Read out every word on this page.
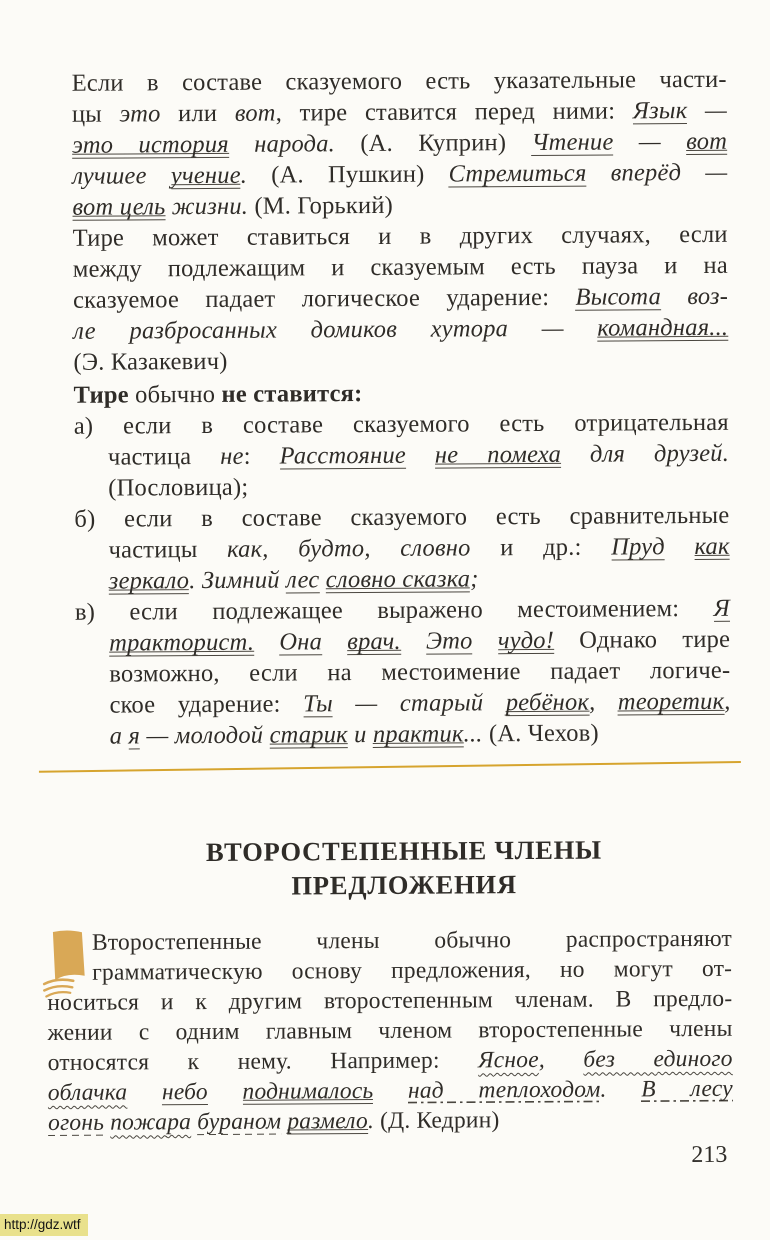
Если в составе сказуемого есть указательные части-
цы это или вот, тире ставится перед ними: Язык —
это история народа. (А. Куприн) Чтение — вот
лучшее учение. (А. Пушкин) Стремиться вперёд —
вот цель жизни. (М. Горький)
Тире может ставиться и в других случаях, если
между подлежащим и сказуемым есть пауза и на
сказуемое падает логическое ударение: Высота воз-
ле разбросанных домиков хутора — командная...
(Э. Казакевич)
Тире обычно не ставится:
а) если в составе сказуемого есть отрицательная
частица не: Расстояние не помеха для друзей.
(Пословица);
б) если в составе сказуемого есть сравнительные
частицы как, будто, словно и др.: Пруд как
зеркало. Зимний лес словно сказка;
в) если подлежащее выражено местоимением: Я
тракторист. Она врач. Это чудо! Однако тире
возможно, если на местоимение падает логиче-
ское ударение: Ты — старый ребёнок, теоретик,
а я — молодой старик и практик... (А. Чехов)
ВТОРОСТЕПЕННЫЕ ЧЛЕНЫ
ПРЕДЛОЖЕНИЯ
Второстепенные члены обычно распространяют
грамматическую основу предложения, но могут от-
носиться и к другим второстепенным членам. В предло-
жении с одним главным членом второстепенные члены
относятся к нему. Например: Ясное, без единого
облачка небо поднималось над теплоходом. В лесу
огонь пожара бураном размело. (Д. Кедрин)
213
http://gdz.wtf
